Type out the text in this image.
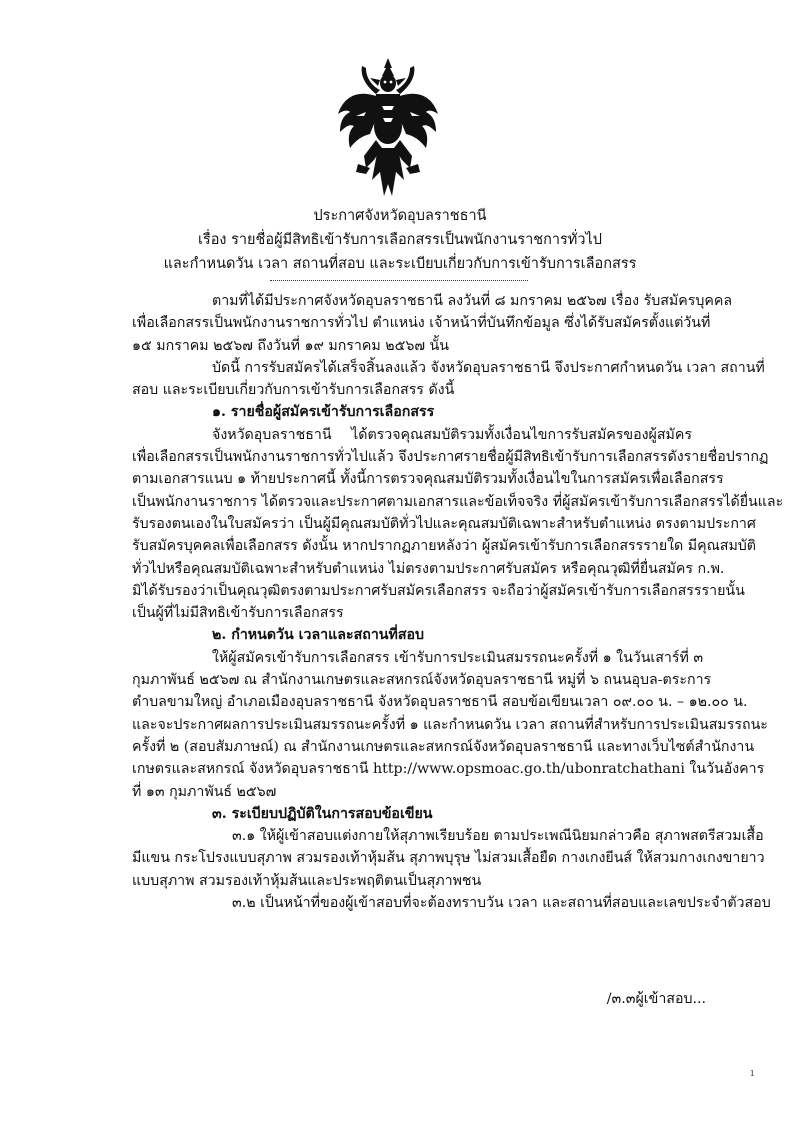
ประกาศจังหวัดอุบลราชธานี
เรื่อง รายชื่อผู้มีสิทธิเข้ารับการเลือกสรรเป็นพนักงานราชการทั่วไป
และกำหนดวัน เวลา สถานที่สอบ และระเบียบเกี่ยวกับการเข้ารับการเลือกสรร
ตามที่ได้มีประกาศจังหวัดอุบลราชธานี ลงวันที่ ๘ มกราคม ๒๕๖๗ เรื่อง รับสมัครบุคคล
เพื่อเลือกสรรเป็นพนักงานราชการทั่วไป ตำแหน่ง เจ้าหน้าที่บันทึกข้อมูล ซึ่งได้รับสมัครตั้งแต่วันที่
๑๕ มกราคม ๒๕๖๗ ถึงวันที่ ๑๙ มกราคม ๒๕๖๗ นั้น
บัดนี้ การรับสมัครได้เสร็จสิ้นลงแล้ว จังหวัดอุบลราชธานี จึงประกาศกำหนดวัน เวลา สถานที่
สอบ และระเบียบเกี่ยวกับการเข้ารับการเลือกสรร ดังนี้
๑. รายชื่อผู้สมัครเข้ารับการเลือกสรร
จังหวัดอุบลราชธานี ได้ตรวจคุณสมบัติรวมทั้งเงื่อนไขการรับสมัครของผู้สมัคร
เพื่อเลือกสรรเป็นพนักงานราชการทั่วไปแล้ว จึงประกาศรายชื่อผู้มีสิทธิเข้ารับการเลือกสรรดังรายชื่อปรากฏ
ตามเอกสารแนบ ๑ ท้ายประกาศนี้ ทั้งนี้การตรวจคุณสมบัติรวมทั้งเงื่อนไขในการสมัครเพื่อเลือกสรร
เป็นพนักงานราชการ ได้ตรวจและประกาศตามเอกสารและข้อเท็จจริง ที่ผู้สมัครเข้ารับการเลือกสรรได้ยื่นและ
รับรองตนเองในใบสมัครว่า เป็นผู้มีคุณสมบัติทั่วไปและคุณสมบัติเฉพาะสำหรับตำแหน่ง ตรงตามประกาศ
รับสมัครบุคคลเพื่อเลือกสรร ดังนั้น หากปรากฏภายหลังว่า ผู้สมัครเข้ารับการเลือกสรรรายใด มีคุณสมบัติ
ทั่วไปหรือคุณสมบัติเฉพาะสำหรับตำแหน่ง ไม่ตรงตามประกาศรับสมัคร หรือคุณวุฒิที่ยื่นสมัคร ก.พ.
มิได้รับรองว่าเป็นคุณวุฒิตรงตามประกาศรับสมัครเลือกสรร จะถือว่าผู้สมัครเข้ารับการเลือกสรรรายนั้น
เป็นผู้ที่ไม่มีสิทธิเข้ารับการเลือกสรร
๒. กำหนดวัน เวลาและสถานที่สอบ
ให้ผู้สมัครเข้ารับการเลือกสรร เข้ารับการประเมินสมรรถนะครั้งที่ ๑ ในวันเสาร์ที่ ๓
กุมภาพันธ์ ๒๕๖๗ ณ สำนักงานเกษตรและสหกรณ์จังหวัดอุบลราชธานี หมู่ที่ ๖ ถนนอุบล-ตระการ
ตำบลขามใหญ่ อำเภอเมืองอุบลราชธานี จังหวัดอุบลราชธานี สอบข้อเขียนเวลา ๐๙.๐๐ น. – ๑๒.๐๐ น.
และจะประกาศผลการประเมินสมรรถนะครั้งที่ ๑ และกำหนดวัน เวลา สถานที่สำหรับการประเมินสมรรถนะ
ครั้งที่ ๒ (สอบสัมภาษณ์) ณ สำนักงานเกษตรและสหกรณ์จังหวัดอุบลราชธานี และทางเว็บไซต์สำนักงาน
เกษตรและสหกรณ์ จังหวัดอุบลราชธานี http://www.opsmoac.go.th/ubonratchathani ในวันอังคาร
ที่ ๑๓ กุมภาพันธ์ ๒๕๖๗
๓. ระเบียบปฏิบัติในการสอบข้อเขียน
๓.๑ ให้ผู้เข้าสอบแต่งกายให้สุภาพเรียบร้อย ตามประเพณีนิยมกล่าวคือ สุภาพสตรีสวมเสื้อ
มีแขน กระโปรงแบบสุภาพ สวมรองเท้าหุ้มส้น สุภาพบุรุษ ไม่สวมเสื้อยืด กางเกงยีนส์ ให้สวมกางเกงขายาว
แบบสุภาพ สวมรองเท้าหุ้มส้นและประพฤติตนเป็นสุภาพชน
๓.๒ เป็นหน้าที่ของผู้เข้าสอบที่จะต้องทราบวัน เวลา และสถานที่สอบและเลขประจำตัวสอบ
/๓.๓ผู้เข้าสอบ...
ı
